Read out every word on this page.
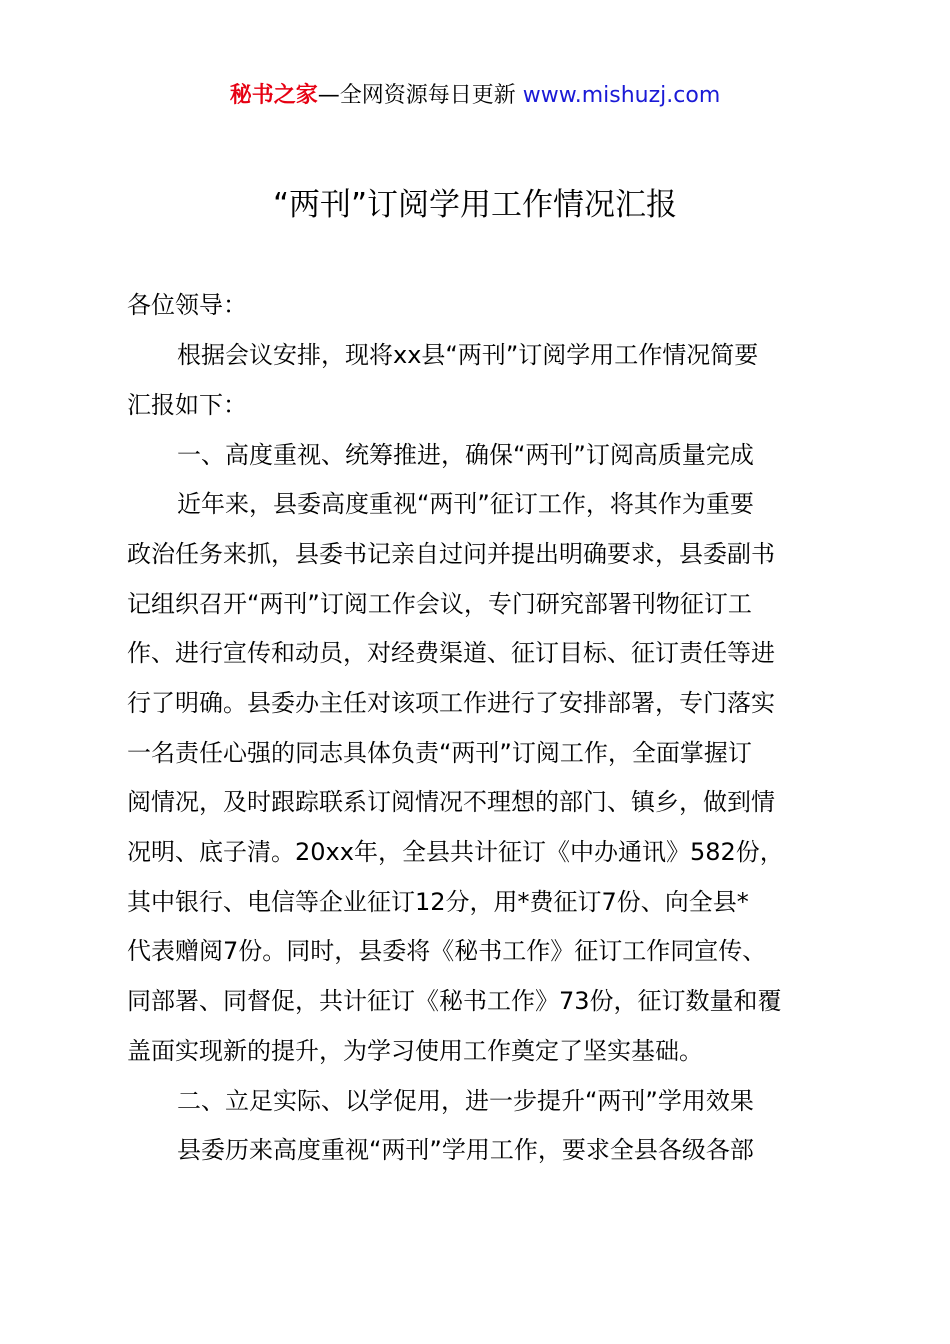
秘书之家—全网资源每日更新 www.mishuzj.com
“两刊”订阅学用工作情况汇报
各位领导：
根据会议安排，现将xx县“两刊”订阅学用工作情况简要
汇报如下：
一、高度重视、统筹推进，确保“两刊”订阅高质量完成
近年来，县委高度重视“两刊”征订工作，将其作为重要
政治任务来抓，县委书记亲自过问并提出明确要求，县委副书
记组织召开“两刊”订阅工作会议，专门研究部署刊物征订工
作、进行宣传和动员，对经费渠道、征订目标、征订责任等进
行了明确。县委办主任对该项工作进行了安排部署，专门落实
一名责任心强的同志具体负责“两刊”订阅工作，全面掌握订
阅情况，及时跟踪联系订阅情况不理想的部门、镇乡，做到情
况明、底子清。20xx年，全县共计征订《中办通讯》582份，
其中银行、电信等企业征订12分，用*费征订7份、向全县*
代表赠阅7份。同时，县委将《秘书工作》征订工作同宣传、
同部署、同督促，共计征订《秘书工作》73份，征订数量和覆
盖面实现新的提升，为学习使用工作奠定了坚实基础。
二、立足实际、以学促用，进一步提升“两刊”学用效果
县委历来高度重视“两刊”学用工作，要求全县各级各部
